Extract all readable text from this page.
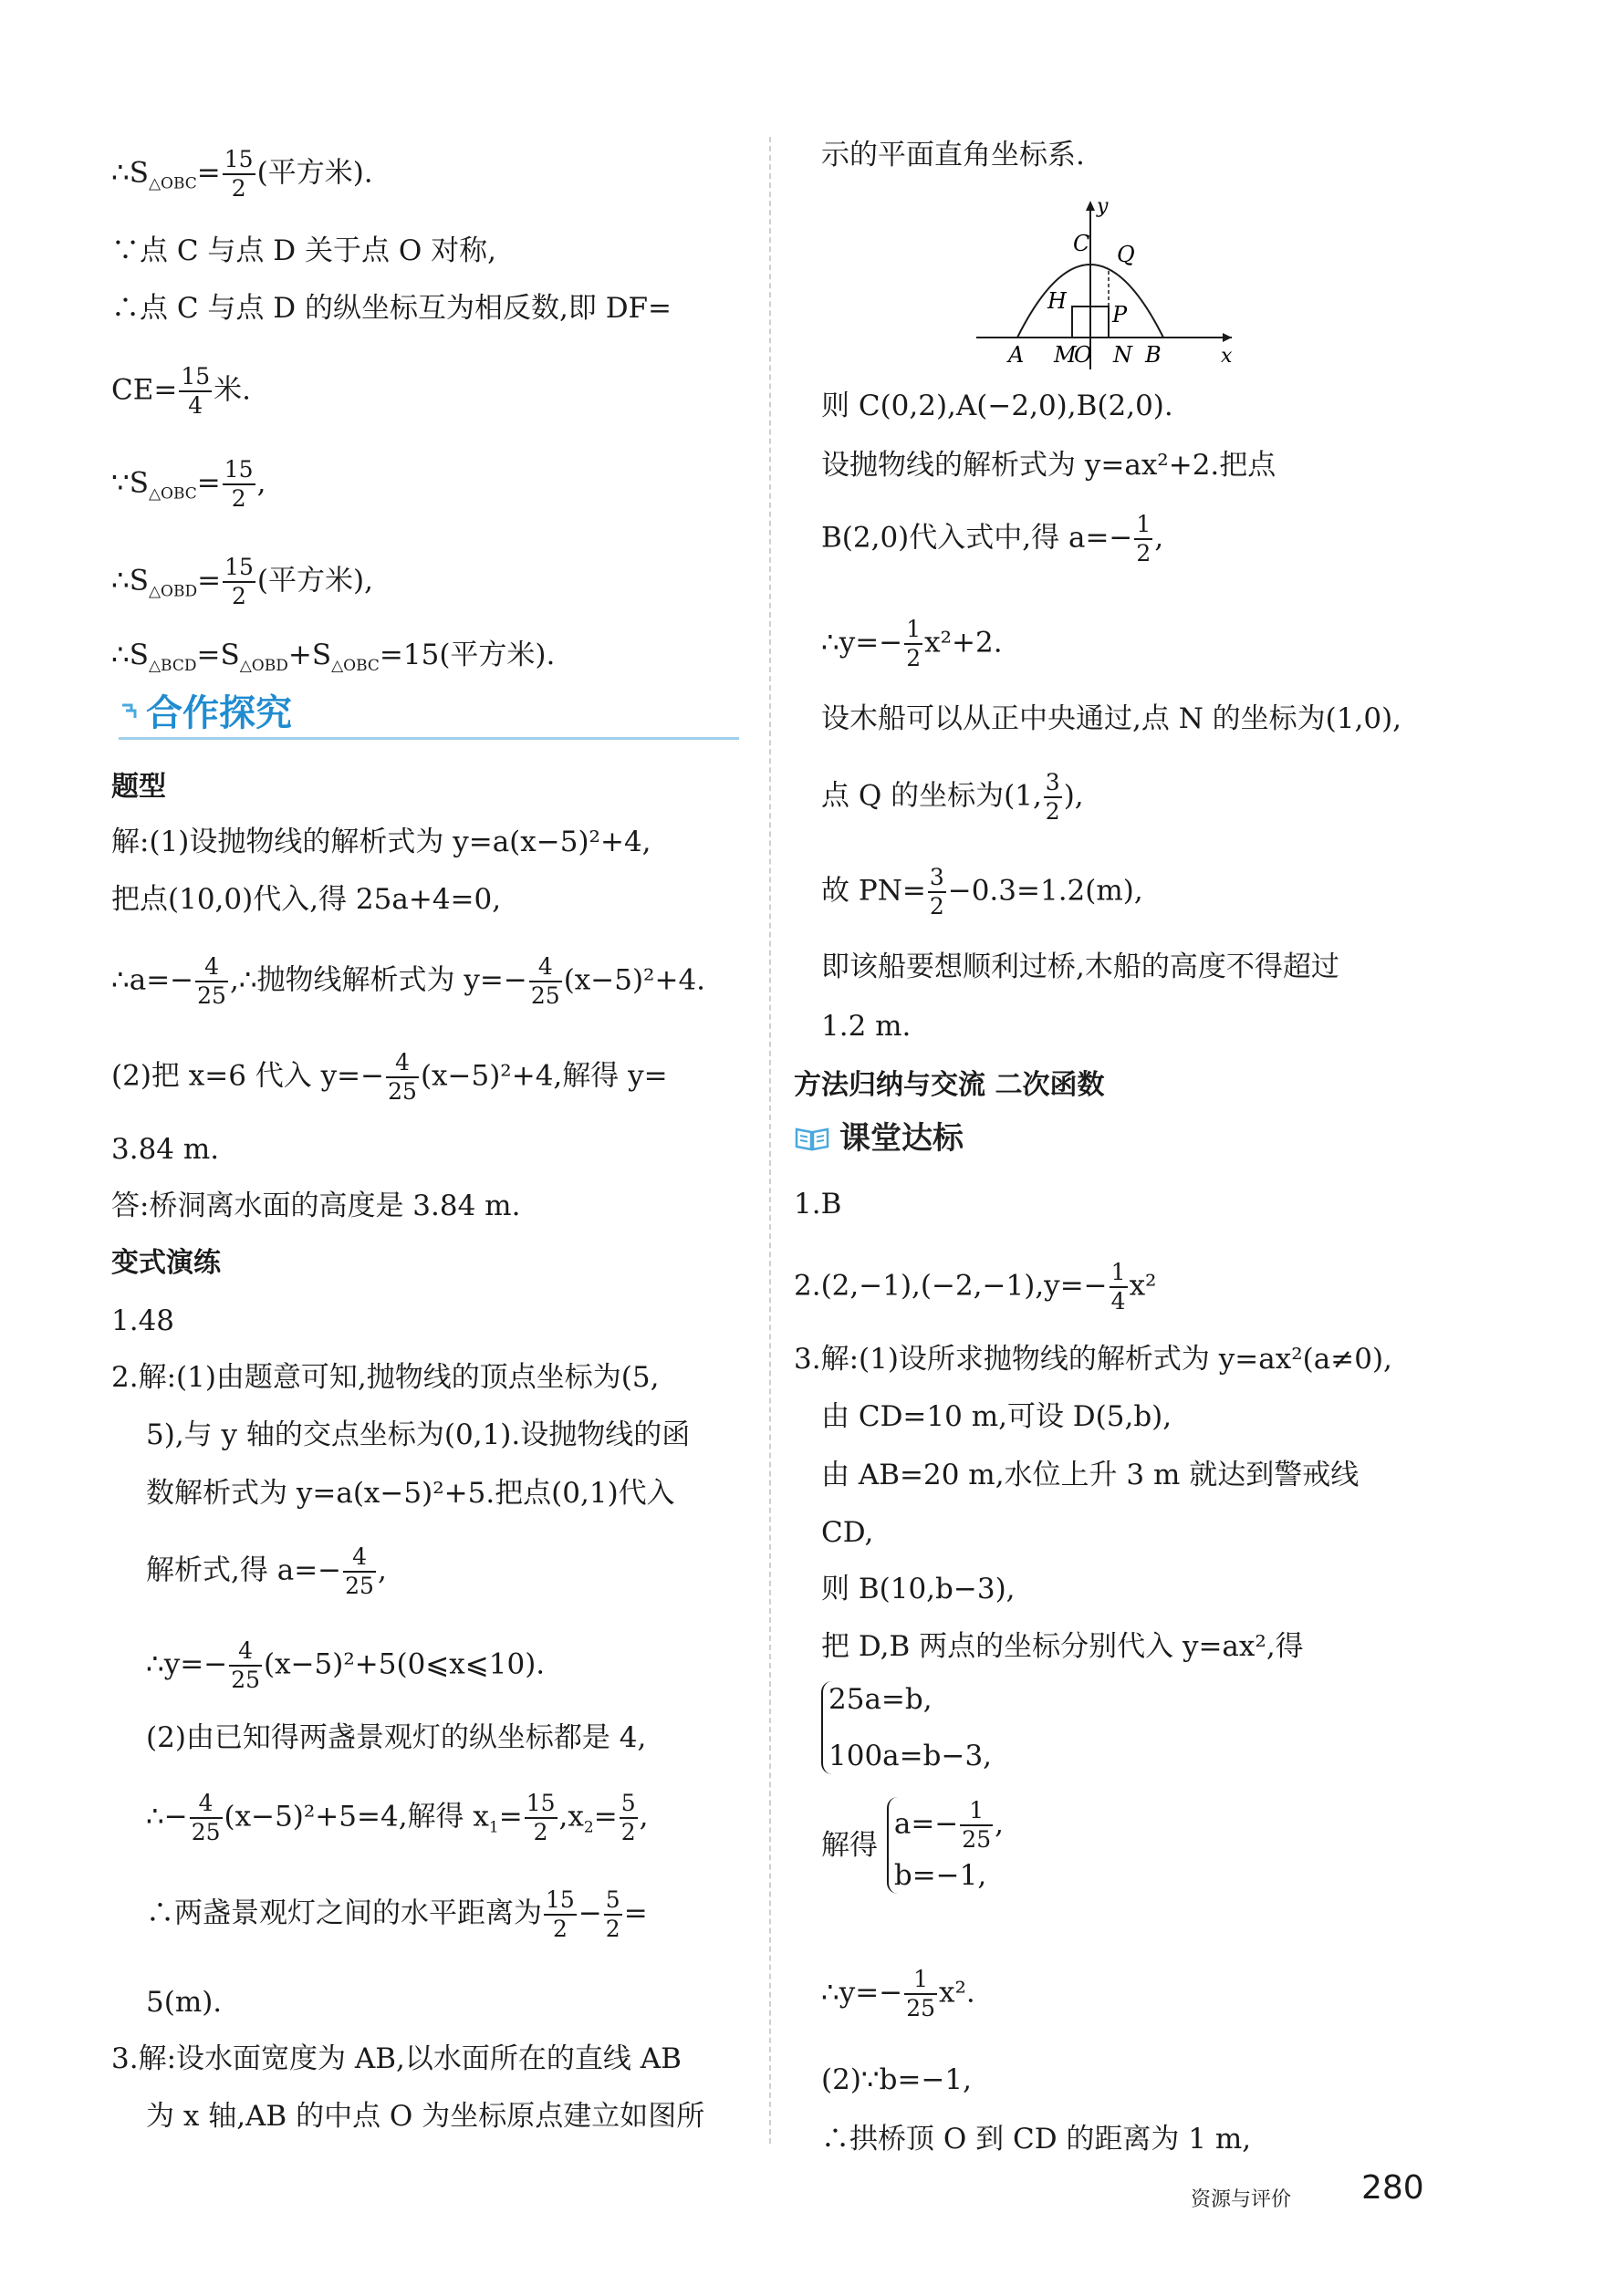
$\therefore S_{\triangle OBC}= \frac{15}{2}$ (平方米).
∵点 C 与点 D 关于点 O 对称,
∴点 C 与点 D 的纵坐标互为相反数,即 DF=
$CE= \frac{15}{4}$ 米.
$\because S_{\triangle OBC}= \frac{15}{2}$ ,
$\therefore S_{\triangle OBD}= \frac{15}{2}$ (平方米),
$\therefore S_{\triangle BCD}=S_{\triangle OBD}+S_{\triangle OBC}=15$(平方米).
合作探究
题型
解:(1)设抛物线的解析式为 y=a(x−5)²+4,
把点(10,0)代入,得 25a+4=0,
∴a=− $\frac{4}{25}$ ,∴抛物线解析式为 $y=- \frac{4}{25} (x-5)^2+4$.
(2)把 x=6 代入 $y=- \frac{4}{25} (x-5)^2+4$,解得 y=
3.84 m.
答:桥洞离水面的高度是 3.84 m.
变式演练
1.48
2.解:(1)由题意可知,抛物线的顶点坐标为(5,
5),与 y 轴的交点坐标为(0,1).设抛物线的函
数解析式为 y=a(x−5)²+5.把点(0,1)代入
解析式,得 $a=- \frac{4}{25}$ ,
∴y=− $\frac{4}{25}$ (x−5)²+5(0⩽x⩽10).
(2)由已知得两盏景观灯的纵坐标都是 4,
∴− $\frac{4}{25} (x-5)^2+5=4$,解得 $x_1= \frac{15}{2} ,x_2= \frac{5}{2}$ ,
∴两盏景观灯之间的水平距离为 $\frac{15}{2} - \frac{5}{2}$ =
5(m).
3.解:设水面宽度为 AB,以水面所在的直线 AB
为 x 轴,AB 的中点 O 为坐标原点建立如图所
示的平面直角坐标系.
y
x
C Q
H
P
A M
O N B
则 C(0,2),A(−2,0),B(2,0).
设抛物线的解析式为 y=ax²+2.把点
B(2,0)代入式中,得 $a=- \frac{1}{2}$ ,
∴y=− $\frac{1}{2} x^2+2$.
设木船可以从正中央通过,点 N 的坐标为(1,0),
点 Q 的坐标为(1, $\frac{3}{2}$ ),
故 $PN= \frac{3}{2} -0.3=1.2(m)$,
即该船要想顺利过桥,木船的高度不得超过
1.2 m.
方法归纳与交流 二次函数
课堂达标
1.B
$2.(2,-1),(-2,-1),y=- \frac{1}{4} x^2$
3.解:(1)设所求抛物线的解析式为 y=ax²(a≠0),
由 CD=10 m,可设 D(5,b),
由 AB=20 m,水位上升 3 m 就达到警戒线
CD,
则 B(10,b−3),
把 D,B 两点的坐标分别代入 y=ax²,得
25a=b,
100a=b−3,
解得
$a=- \frac{1}{25}$ ,
b=−1,
∴y=− $\frac{1}{25} x^2$.
(2)∵b=−1,
∴拱桥顶 O 到 CD 的距离为 1 m,
资源与评价 280
